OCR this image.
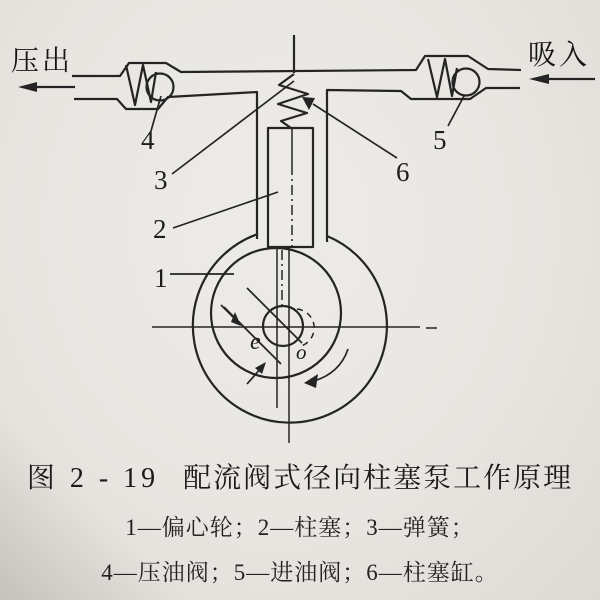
e o
1
2
3
4	5
6
压出	吸入
图 2 - 19 配流阀式径向柱塞泵工作原理
1—偏心轮；2—柱塞；3—弹簧；
4—压油阀；5—进油阀；6—柱塞缸。
